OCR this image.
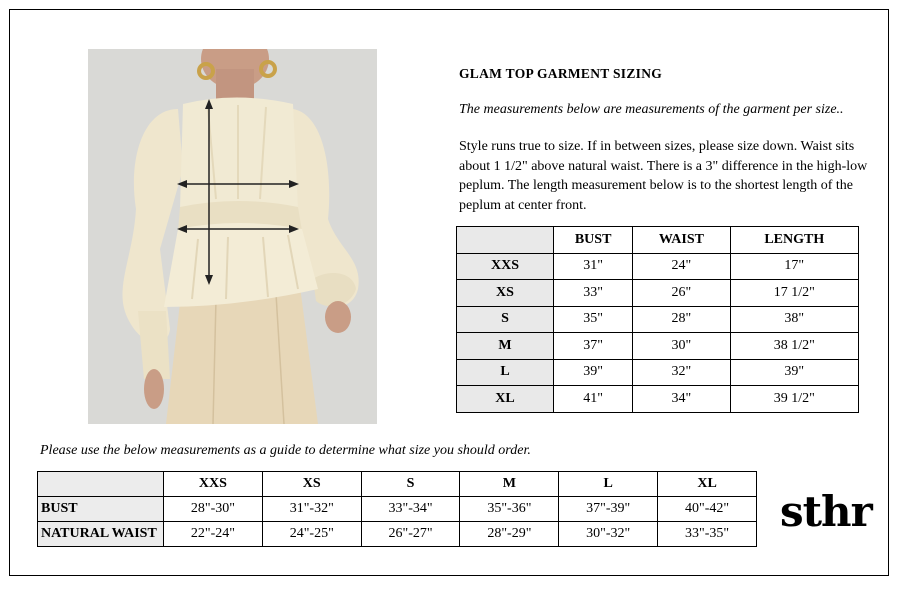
GLAM TOP GARMENT SIZING
The measurements below are measurements of the garment per size..
Style runs true to size. If in between sizes, please size down. Waist sits about 1 1/2" above natural waist. There is a 3" difference in the high-low peplum. The length measurement below is to the shortest length of the peplum at center front.
	BUST	WAIST	LENGTH
XXS	31"	24"	17"
XS	33"	26"	17 1/2"
S	35"	28"	38"
M	37"	30"	38 1/2"
L	39"	32"	39"
XL	41"	34"	39 1/2"
Please use the below measurements as a guide to determine what size you should order.
	XXS	XS	S	M	L	XL
BUST	28"-30"	31"-32"	33"-34"	35"-36"	37"-39"	40"-42"
NATURAL WAIST	22"-24"	24"-25"	26"-27"	28"-29"	30"-32"	33"-35" sthr
